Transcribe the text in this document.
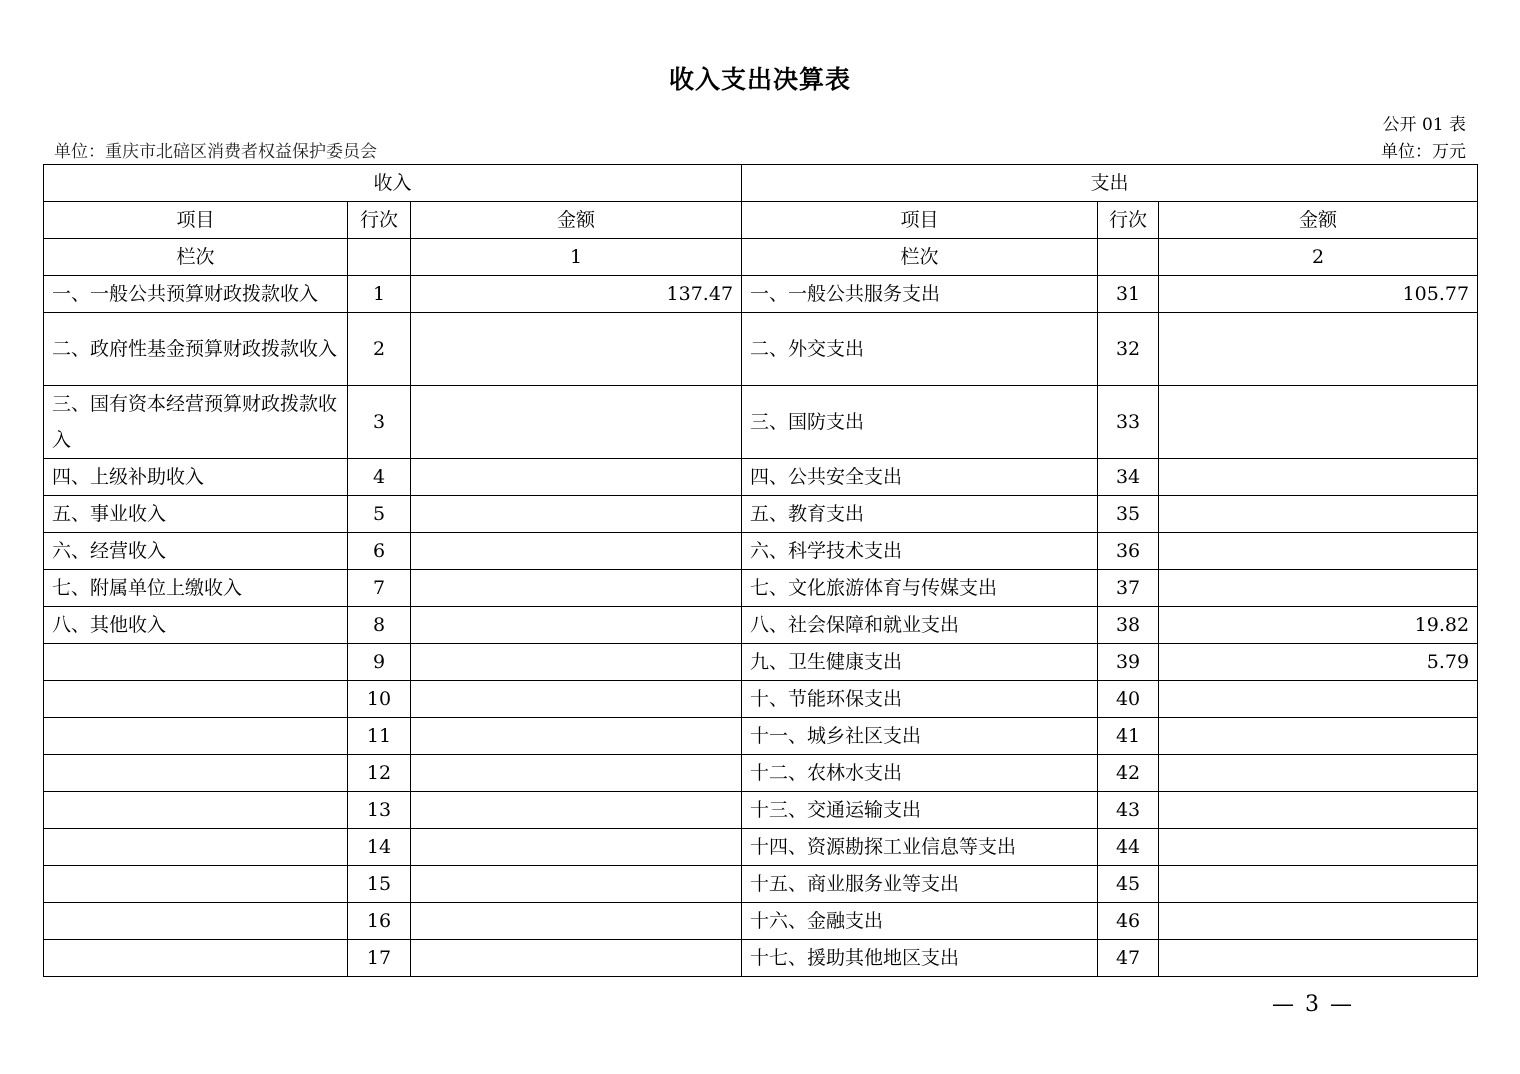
收入支出决算表
公开 01 表
单位：重庆市北碚区消费者权益保护委员会	单位：万元
收入			支出		
项目	行次	金额	项目	行次	金额
栏次		1	栏次		2
一、一般公共预算财政拨款收入	1	137.47	一、一般公共服务支出	31	105.77
二、政府性基金预算财政拨款收入	2		二、外交支出	32	
三、国有资本经营预算财政拨款收入	3		三、国防支出	33	
四、上级补助收入	4		四、公共安全支出	34	
五、事业收入	5		五、教育支出	35	
六、经营收入	6		六、科学技术支出	36	
七、附属单位上缴收入	7		七、文化旅游体育与传媒支出	37	
八、其他收入	8		八、社会保障和就业支出	38	19.82
	9		九、卫生健康支出	39	5.79
	10		十、节能环保支出	40	
	11		十一、城乡社区支出	41	
	12		十二、农林水支出	42	
	13		十三、交通运输支出	43	
	14		十四、资源勘探工业信息等支出	44	
	15		十五、商业服务业等支出	45	
	16		十六、金融支出	46	
	17		十七、援助其他地区支出	47	
— 3 —
